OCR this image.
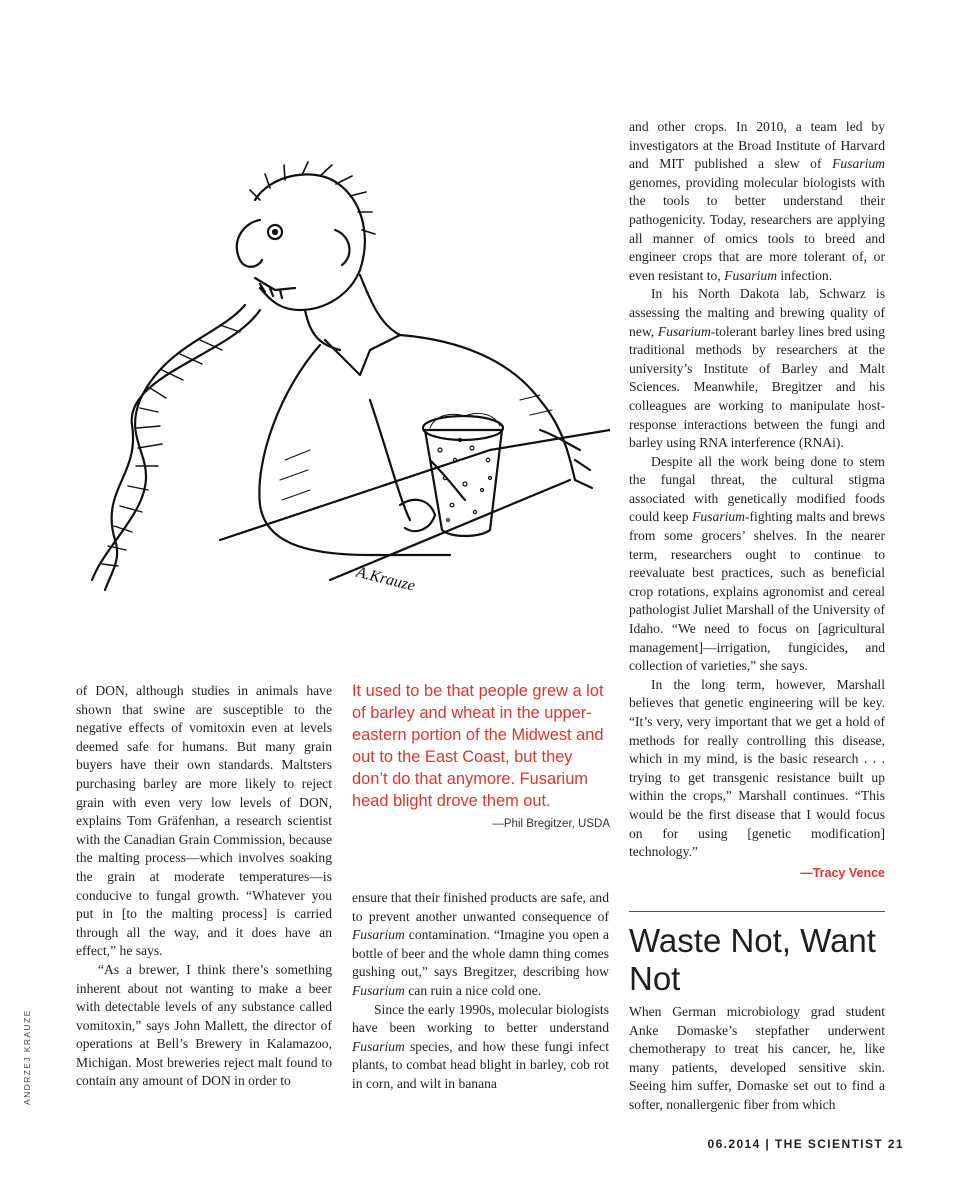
A.Krauze
ANDRZEJ KRAUZE

of DON, although studies in animals have shown that swine are susceptible to the negative effects of vomitoxin even at levels deemed safe for humans. But many grain buyers have their own standards. Maltsters purchasing barley are more likely to reject grain with even very low levels of DON, explains Tom Gräfenhan, a research scientist with the Canadian Grain Commission, because the malting process—which involves soaking the grain at moderate temperatures—is conducive to fungal growth. “Whatever you put in [to the malting process] is carried through all the way, and it does have an effect,” he says.

“As a brewer, I think there’s something inherent about not wanting to make a beer with detectable levels of any substance called vomitoxin,” says John Mallett, the director of operations at Bell’s Brewery in Kalamazoo, Michigan. Most breweries reject malt found to contain any amount of DON in order to

It used to be that people grew a lot of barley and wheat in the upper-eastern portion of the Midwest and out to the East Coast, but they don’t do that anymore. Fusarium head blight drove them out.

—Phil Bregitzer, USDA

ensure that their finished products are safe, and to prevent another unwanted consequence of Fusarium contamination. “Imagine you open a bottle of beer and the whole damn thing comes gushing out,” says Bregitzer, describing how Fusarium can ruin a nice cold one.

Since the early 1990s, molecular biologists have been working to better understand Fusarium species, and how these fungi infect plants, to combat head blight in barley, cob rot in corn, and wilt in banana

and other crops. In 2010, a team led by investigators at the Broad Institute of Harvard and MIT published a slew of Fusarium genomes, providing molecular biologists with the tools to better understand their pathogenicity. Today, researchers are applying all manner of omics tools to breed and engineer crops that are more tolerant of, or even resistant to, Fusarium infection.

In his North Dakota lab, Schwarz is assessing the malting and brewing quality of new, Fusarium-tolerant barley lines bred using traditional methods by researchers at the university’s Institute of Barley and Malt Sciences. Meanwhile, Bregitzer and his colleagues are working to manipulate host-response interactions between the fungi and barley using RNA interference (RNAi).

Despite all the work being done to stem the fungal threat, the cultural stigma associated with genetically modified foods could keep Fusarium-fighting malts and brews from some grocers’ shelves. In the nearer term, researchers ought to continue to reevaluate best practices, such as beneficial crop rotations, explains agronomist and cereal pathologist Juliet Marshall of the University of Idaho. “We need to focus on [agricultural management]—irrigation, fungicides, and collection of varieties,” she says.

In the long term, however, Marshall believes that genetic engineering will be key. “It’s very, very important that we get a hold of methods for really controlling this disease, which in my mind, is the basic research . . . trying to get transgenic resistance built up within the crops,” Marshall continues. “This would be the first disease that I would focus on for using [genetic modification] technology.”

—Tracy Vence
Waste Not, Want Not

When German microbiology grad student Anke Domaske’s stepfather underwent chemotherapy to treat his cancer, he, like many patients, developed sensitive skin. Seeing him suffer, Domaske set out to find a softer, nonallergenic fiber from which

06.2014 | THE SCIENTIST 21
